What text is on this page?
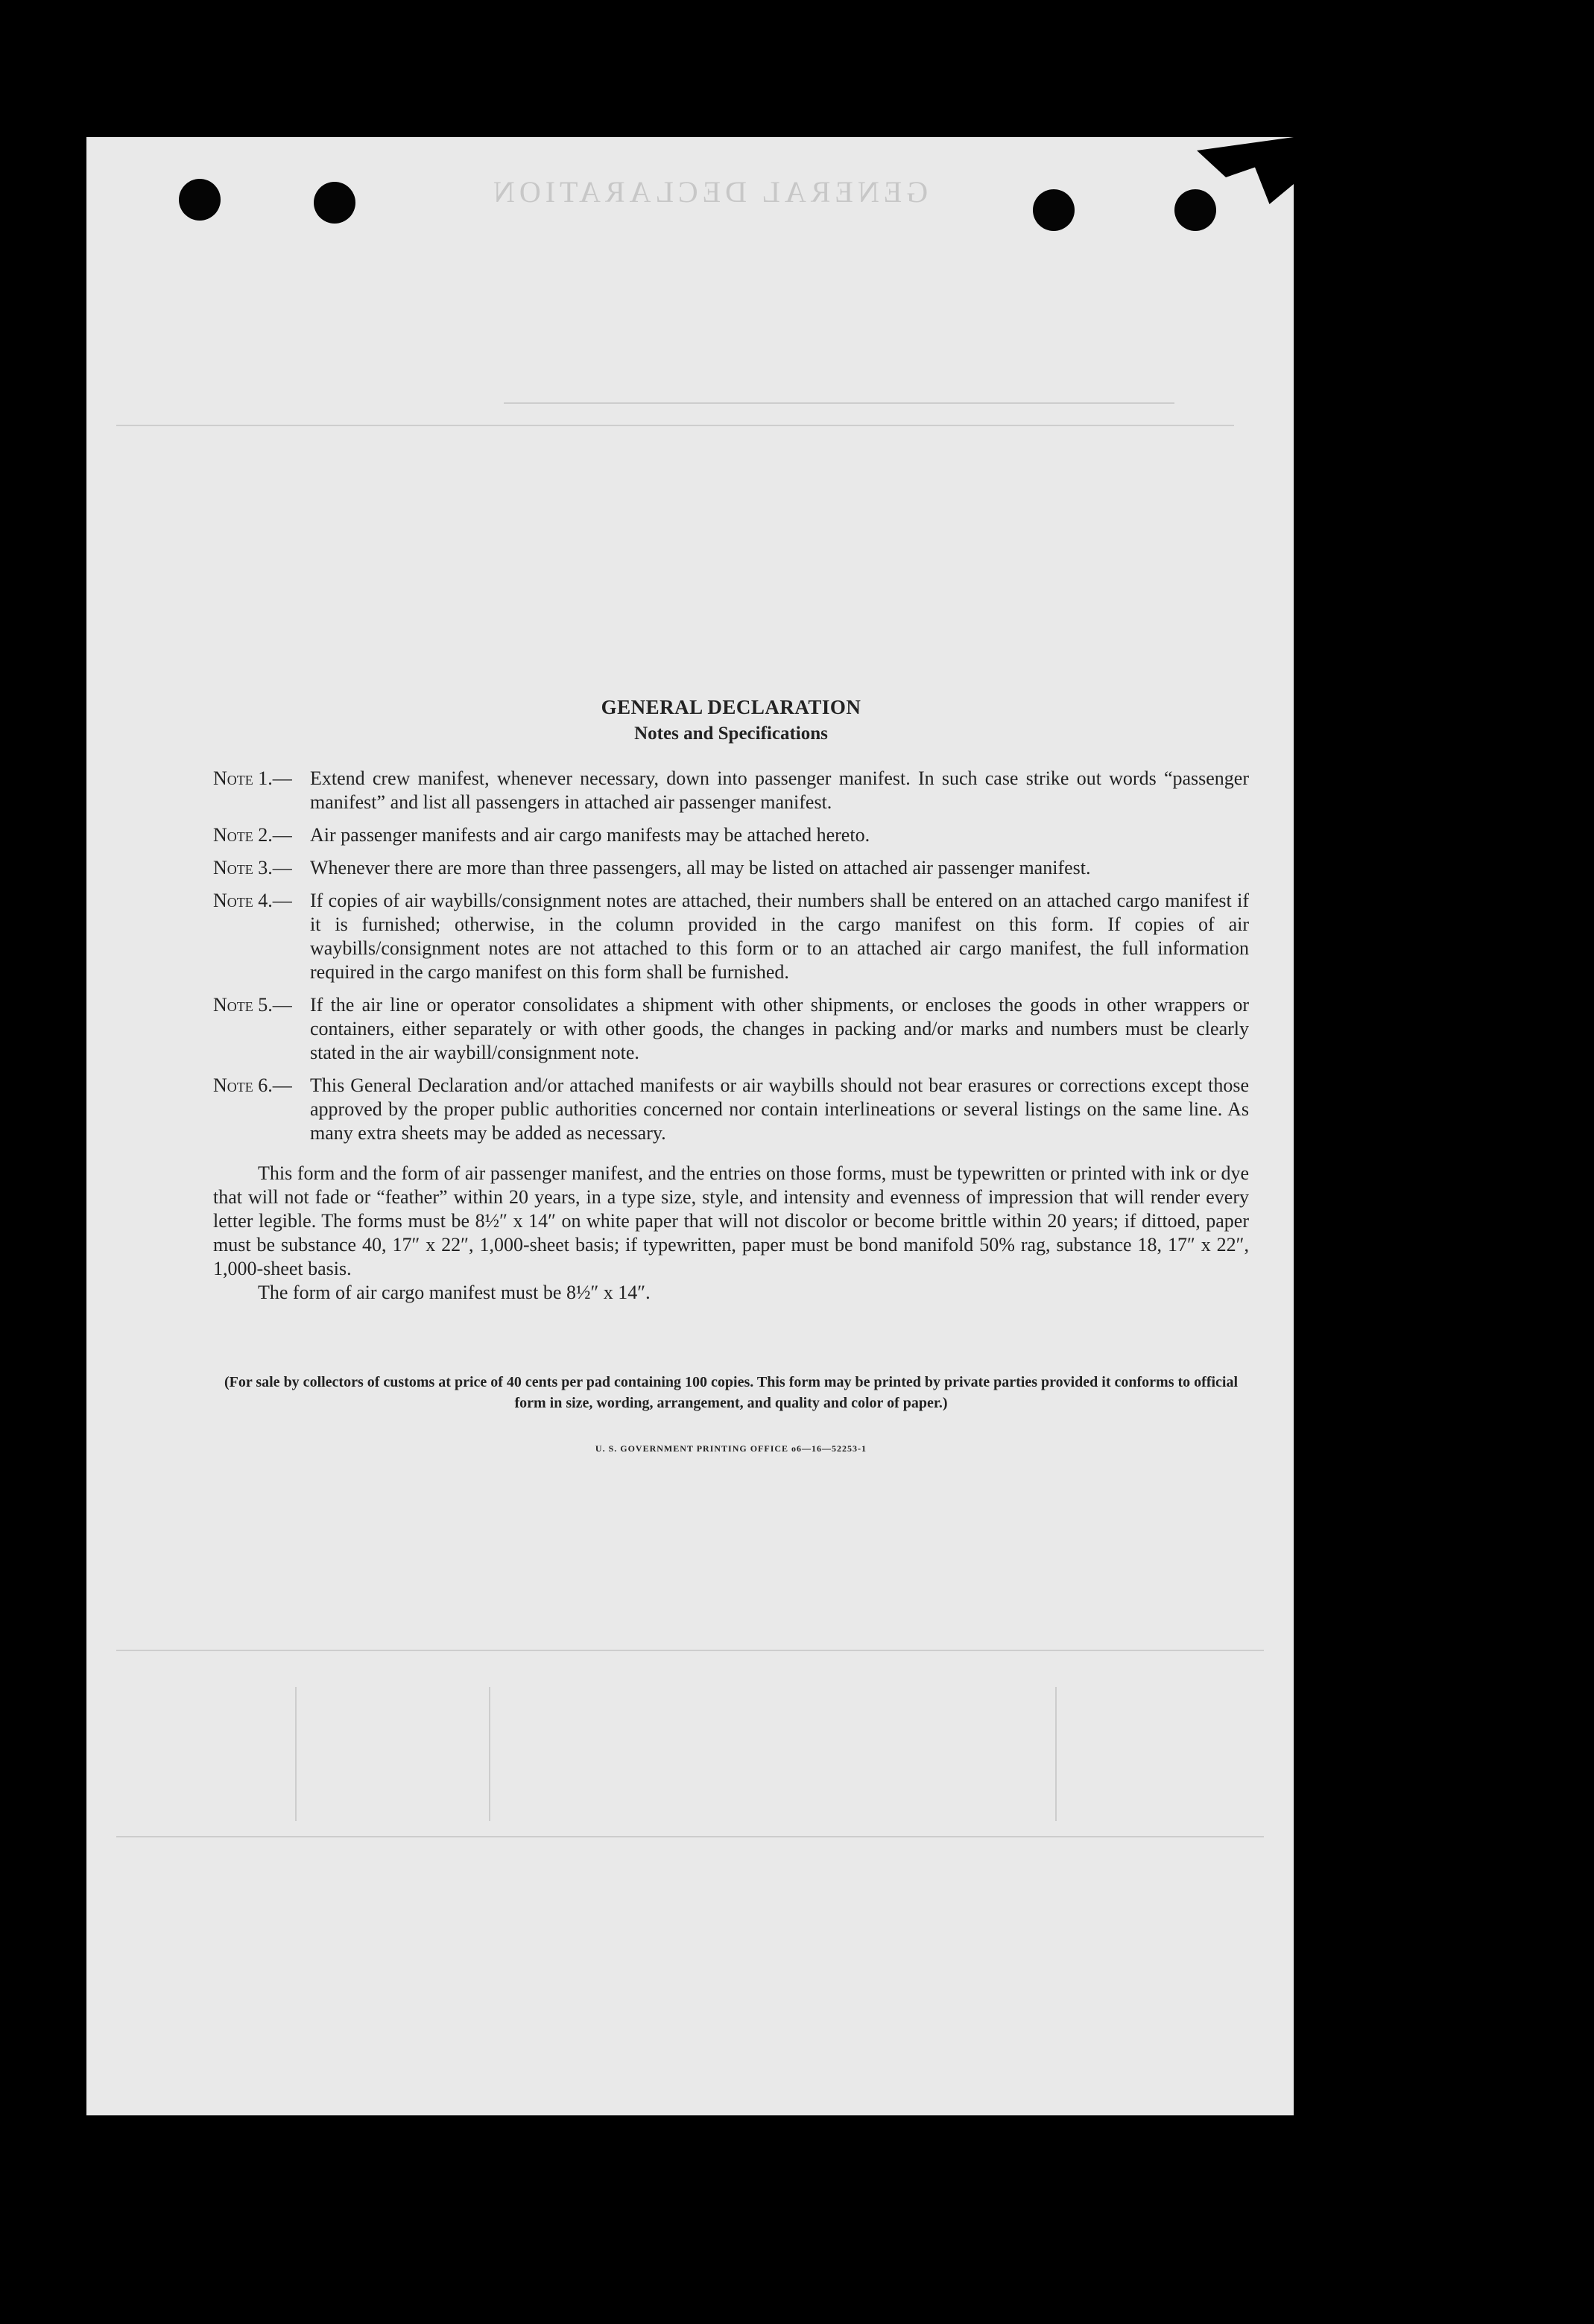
GENERAL DECLARATION
GENERAL DECLARATION
Notes and Specifications
Note 1.— Extend crew manifest, whenever necessary, down into passenger manifest. In such case strike out words “passenger manifest” and list all passengers in attached air passenger manifest.
Note 2.— Air passenger manifests and air cargo manifests may be attached hereto.
Note 3.— Whenever there are more than three passengers, all may be listed on attached air passenger manifest.
Note 4.— If copies of air waybills/consignment notes are attached, their numbers shall be entered on an attached cargo manifest if it is furnished; otherwise, in the column provided in the cargo manifest on this form. If copies of air waybills/consignment notes are not attached to this form or to an attached air cargo manifest, the full information required in the cargo manifest on this form shall be furnished.
Note 5.— If the air line or operator consolidates a shipment with other shipments, or encloses the goods in other wrappers or containers, either separately or with other goods, the changes in packing and/or marks and numbers must be clearly stated in the air waybill/consignment note.
Note 6.— This General Declaration and/or attached manifests or air waybills should not bear erasures or corrections except those approved by the proper public authorities concerned nor contain interlineations or several listings on the same line. As many extra sheets may be added as necessary.
This form and the form of air passenger manifest, and the entries on those forms, must be typewritten or printed with ink or dye that will not fade or “feather” within 20 years, in a type size, style, and intensity and evenness of impression that will render every letter legible. The forms must be 8½″ x 14″ on white paper that will not discolor or become brittle within 20 years; if dittoed, paper must be substance 40, 17″ x 22″, 1,000-sheet basis; if typewritten, paper must be bond manifold 50% rag, substance 18, 17″ x 22″, 1,000-sheet basis.
The form of air cargo manifest must be 8½″ x 14″.
(For sale by collectors of customs at price of 40 cents per pad containing 100 copies. This form may be printed by private parties provided it conforms to official form in size, wording, arrangement, and quality and color of paper.)
U. S. GOVERNMENT PRINTING OFFICE o6—16—52253-1
